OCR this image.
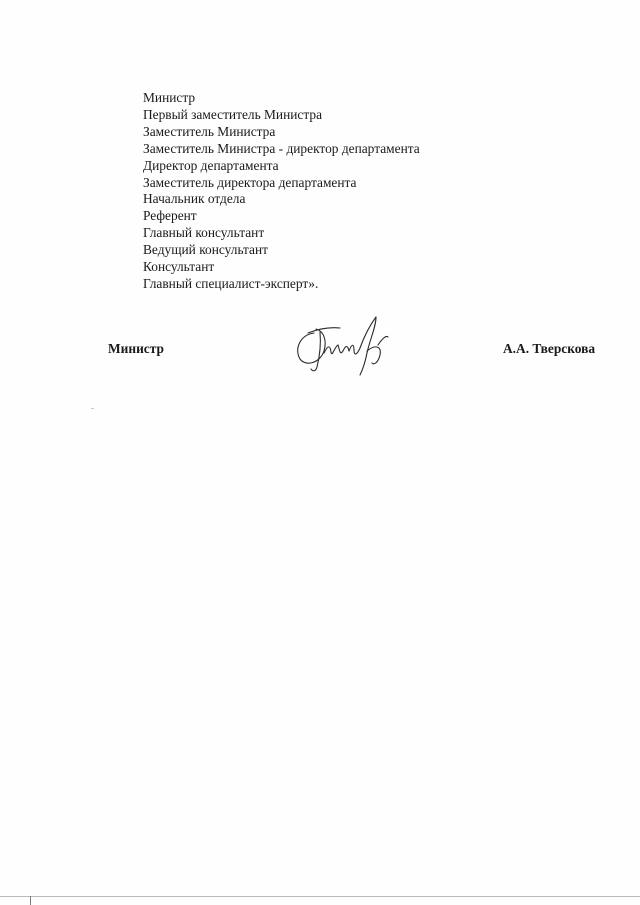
Министр
Первый заместитель Министра
Заместитель Министра
Заместитель Министра - директор департамента
Директор департамента
Заместитель директора департамента
Начальник отдела
Референт
Главный консультант
Ведущий консультант
Консультант
Главный специалист-эксперт».
Министр	А.А. Тверскова
